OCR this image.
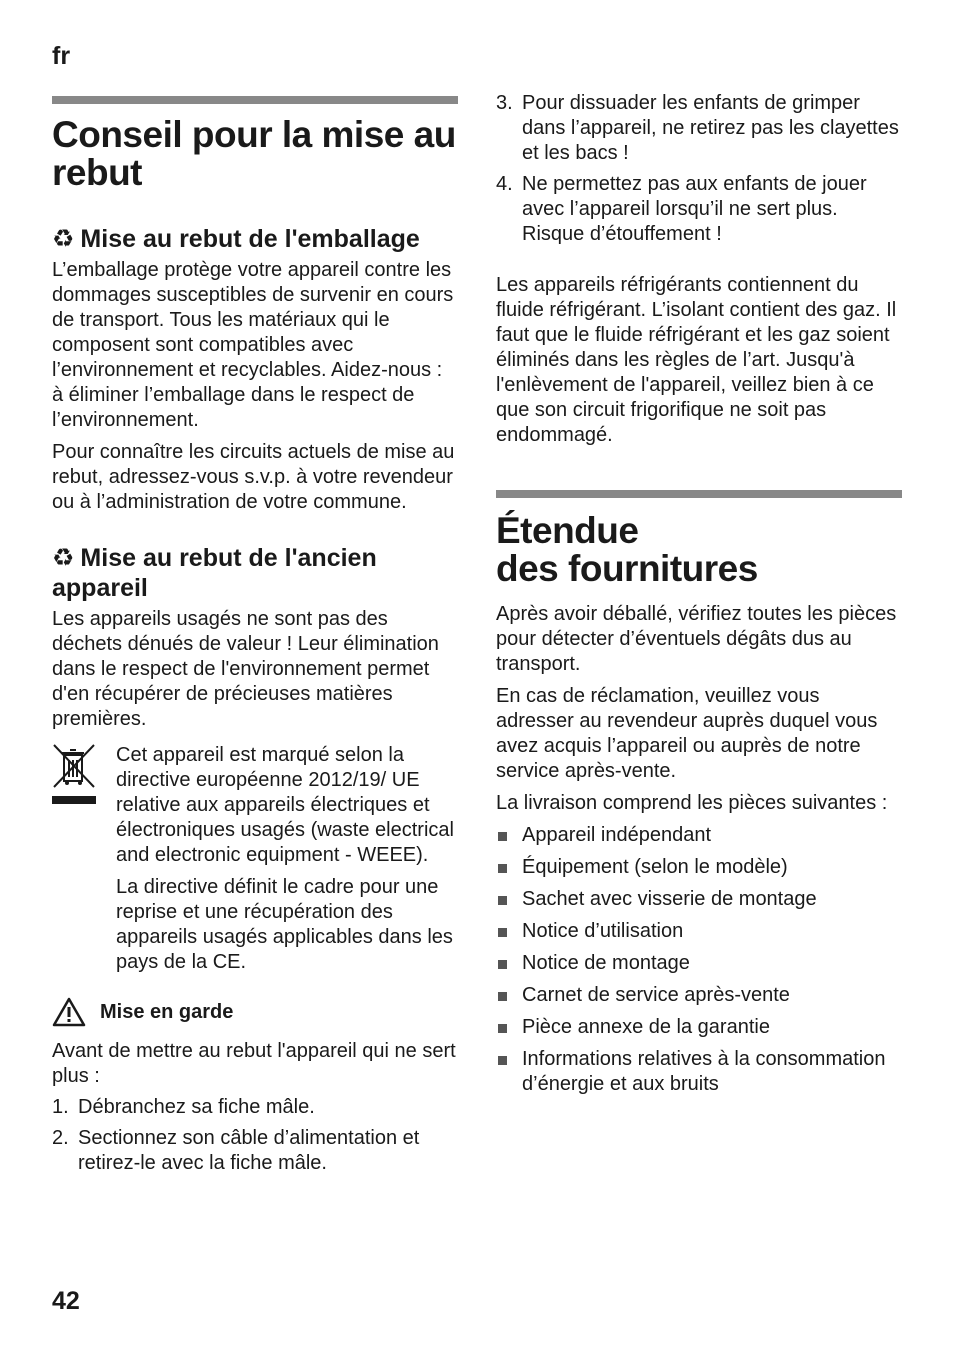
fr
Conseil pour la mise au rebut
♻ Mise au rebut de l'emballage

L’emballage protège votre appareil contre les dommages susceptibles de survenir en cours de transport. Tous les matériaux qui le composent sont compatibles avec l’environnement et recyclables. Aidez-nous : à éliminer l’emballage dans le respect de l’environnement.

Pour connaître les circuits actuels de mise au rebut, adressez-vous s.v.p. à votre revendeur ou à l’administration de votre commune.

♻ Mise au rebut de l'ancien appareil

Les appareils usagés ne sont pas des déchets dénués de valeur ! Leur élimination dans le respect de l'environnement permet d'en récupérer de précieuses matières premières.

Cet appareil est marqué selon la directive européenne 2012/19/ UE relative aux appareils électriques et électroniques usagés (waste electrical and electronic equipment - WEEE).

La directive définit le cadre pour une reprise et une récupération des appareils usagés applicables dans les pays de la CE.

Mise en garde

Avant de mettre au rebut l'appareil qui ne sert plus :

1. Débranchez sa fiche mâle.
2. Sectionnez son câble d’alimentation et retirez-le avec la fiche mâle.
3. Pour dissuader les enfants de grimper dans l’appareil, ne retirez pas les clayettes et les bacs !
4. Ne permettez pas aux enfants de jouer avec l’appareil lorsqu’il ne sert plus. Risque d’étouffement !

Les appareils réfrigérants contiennent du fluide réfrigérant. L’isolant contient des gaz. Il faut que le fluide réfrigérant et les gaz soient éliminés dans les règles de l’art. Jusqu'à l'enlèvement de l'appareil, veillez bien à ce que son circuit frigorifique ne soit pas endommagé.

Étendue
des fournitures

Après avoir déballé, vérifiez toutes les pièces pour détecter d’éventuels dégâts dus au transport.

En cas de réclamation, veuillez vous adresser au revendeur auprès duquel vous avez acquis l’appareil ou auprès de notre service après-vente.

La livraison comprend les pièces suivantes :

Appareil indépendant
Équipement (selon le modèle)
Sachet avec visserie de montage
Notice d’utilisation
Notice de montage
Carnet de service après-vente
Pièce annexe de la garantie
Informations relatives à la consommation d’énergie et aux bruits
42
